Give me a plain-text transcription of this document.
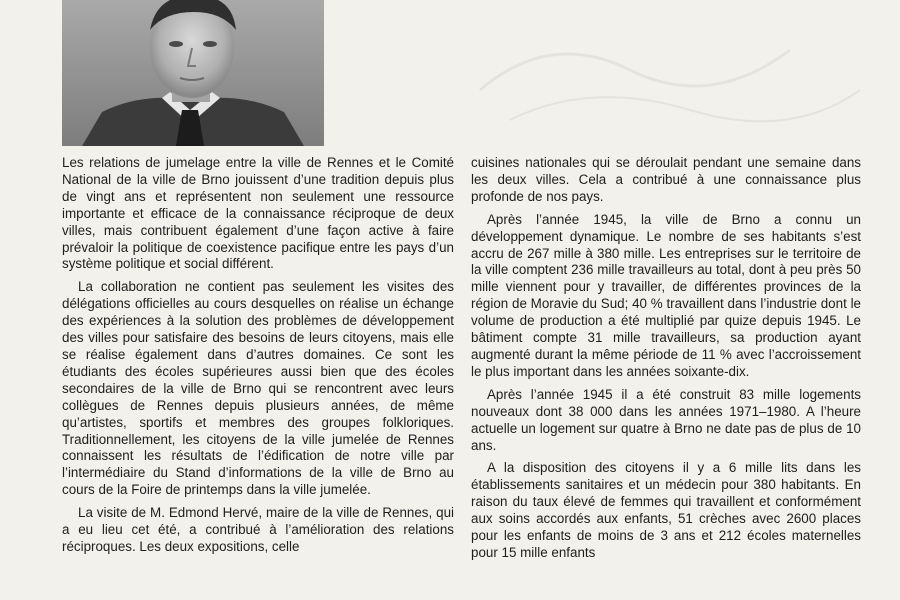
Les relations de jumelage entre la ville de Rennes et le Comité National de la ville de Brno jouissent d’une tradition depuis plus de vingt ans et représentent non seulement une ressource importante et efficace de la connaissance réciproque de deux villes, mais contribuent également d’une façon active à faire prévaloir la politique de coexistence pacifique entre les pays d’un système politique et social différent.

La collaboration ne contient pas seulement les visites des délégations officielles au cours desquelles on réalise un échange des expériences à la solution des problèmes de développement des villes pour satisfaire des besoins de leurs citoyens, mais elle se réalise également dans d’autres domaines. Ce sont les étudiants des écoles supérieures aussi bien que des écoles secondaires de la ville de Brno qui se rencontrent avec leurs collègues de Rennes depuis plusieurs années, de même qu’artistes, sportifs et membres des groupes folkloriques. Traditionnellement, les citoyens de la ville jumelée de Rennes connaissent les résultats de l’édification de notre ville par l’intermédiaire du Stand d’informations de la ville de Brno au cours de la Foire de printemps dans la ville jumelée.

La visite de M. Edmond Hervé, maire de la ville de Rennes, qui a eu lieu cet été, a contribué à l’amélioration des relations réciproques. Les deux expositions, celle

cuisines nationales qui se déroulait pendant une semaine dans les deux villes. Cela a contribué à une connaissance plus profonde de nos pays.

Après l’année 1945, la ville de Brno a connu un développement dynamique. Le nombre de ses habitants s’est accru de 267 mille à 380 mille. Les entreprises sur le territoire de la ville comptent 236 mille travailleurs au total, dont à peu près 50 mille viennent pour y travailler, de différentes provinces de la région de Moravie du Sud; 40 % travaillent dans l’industrie dont le volume de production a été multiplié par quize depuis 1945. Le bâtiment compte 31 mille travailleurs, sa production ayant augmenté durant la même période de 11 % avec l’accroissement le plus important dans les années soixante-dix.

Après l’année 1945 il a été construit 83 mille logements nouveaux dont 38 000 dans les années 1971–1980. A l’heure actuelle un logement sur quatre à Brno ne date pas de plus de 10 ans.

A la disposition des citoyens il y a 6 mille lits dans les établissements sanitaires et un médecin pour 380 habitants. En raison du taux élevé de femmes qui travaillent et conformément aux soins accordés aux enfants, 51 crèches avec 2600 places pour les enfants de moins de 3 ans et 212 écoles maternelles pour 15 mille enfants
